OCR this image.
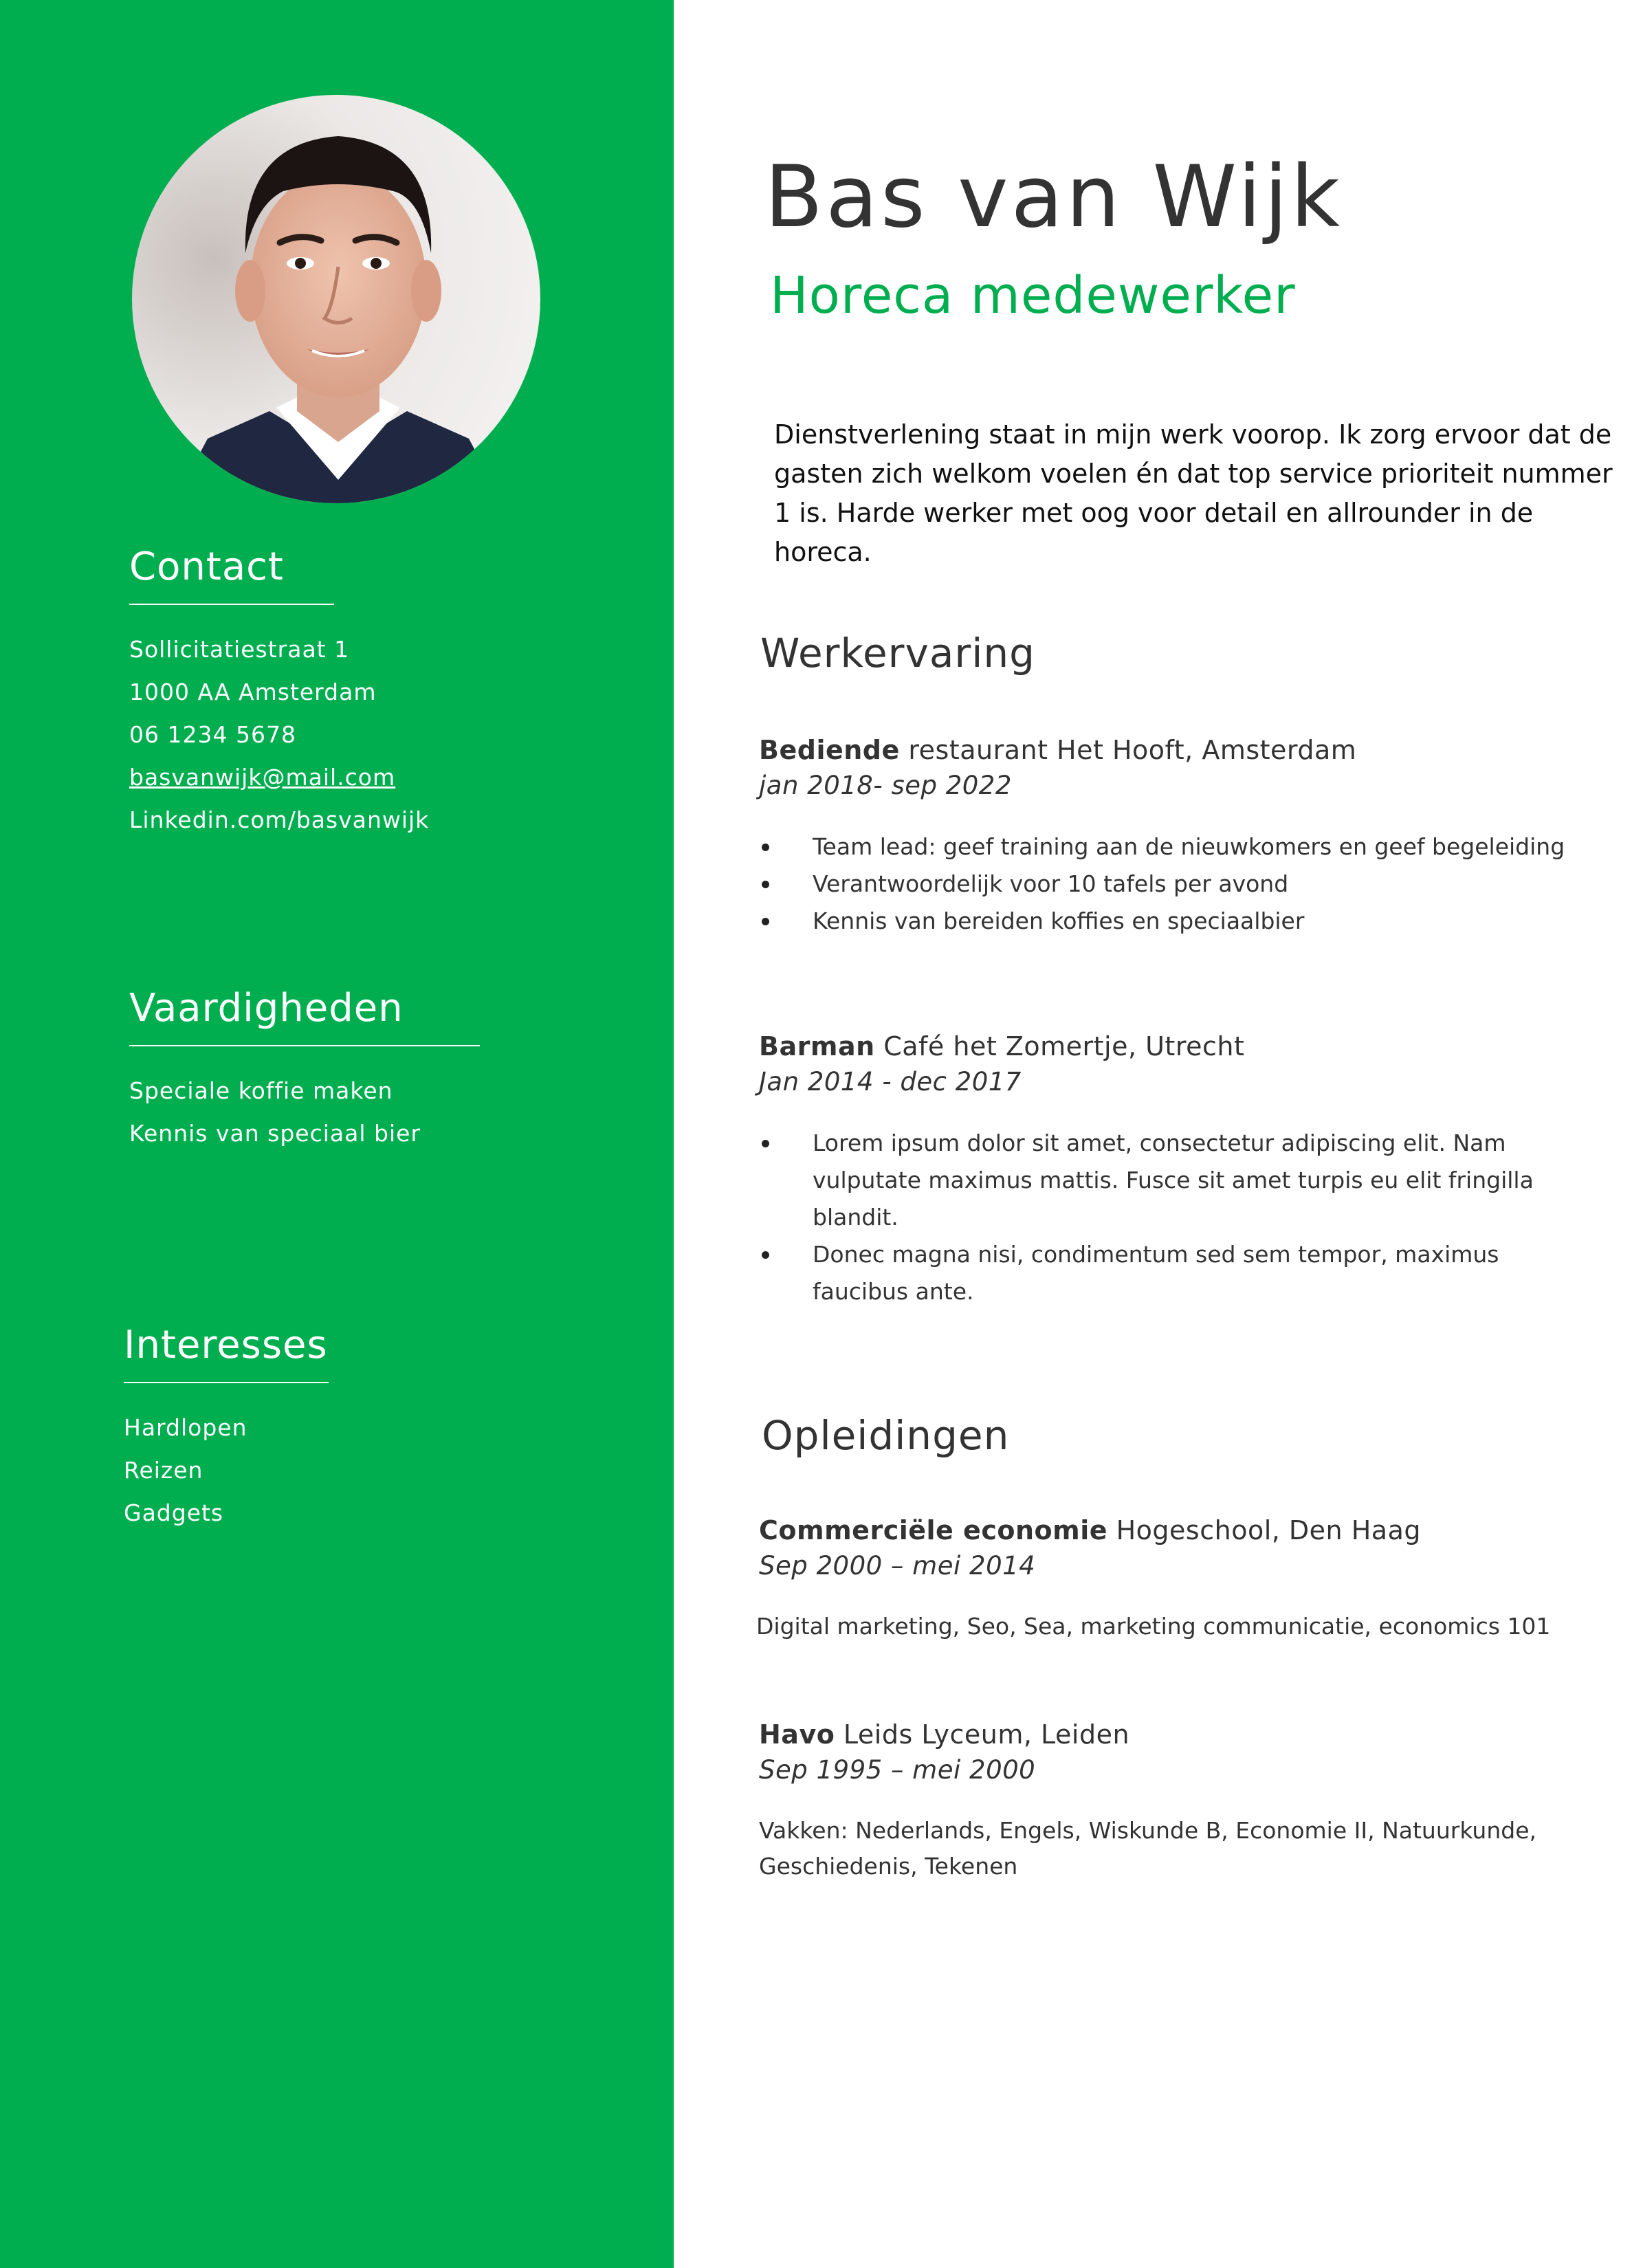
Contact
Sollicitatiestraat 1
1000 AA Amsterdam
06 1234 5678
basvanwijk@mail.com
Linkedin.com/basvanwijk
Vaardigheden
Speciale koffie maken
Kennis van speciaal bier
Interesses
Hardlopen
Reizen
Gadgets
Bas van Wijk
Horeca medewerker
Dienstverlening staat in mijn werk voorop. Ik zorg ervoor dat de gasten zich welkom voelen én dat top service prioriteit nummer 1 is. Harde werker met oog voor detail en allrounder in de horeca.
Werkervaring
Bediende restaurant Het Hooft, Amsterdam
jan 2018- sep 2022
Team lead: geef training aan de nieuwkomers en geef begeleiding
Verantwoordelijk voor 10 tafels per avond
Kennis van bereiden koffies en speciaalbier
Barman Café het Zomertje, Utrecht
Jan 2014 - dec 2017
Lorem ipsum dolor sit amet, consectetur adipiscing elit. Nam vulputate maximus mattis. Fusce sit amet turpis eu elit fringilla blandit.
Donec magna nisi, condimentum sed sem tempor, maximus faucibus ante.
Opleidingen
Commerciële economie Hogeschool, Den Haag
Sep 2000 – mei 2014
Digital marketing, Seo, Sea, marketing communicatie, economics 101
Havo Leids Lyceum, Leiden
Sep 1995 – mei 2000
Vakken: Nederlands, Engels, Wiskunde B, Economie II, Natuurkunde, Geschiedenis, Tekenen
